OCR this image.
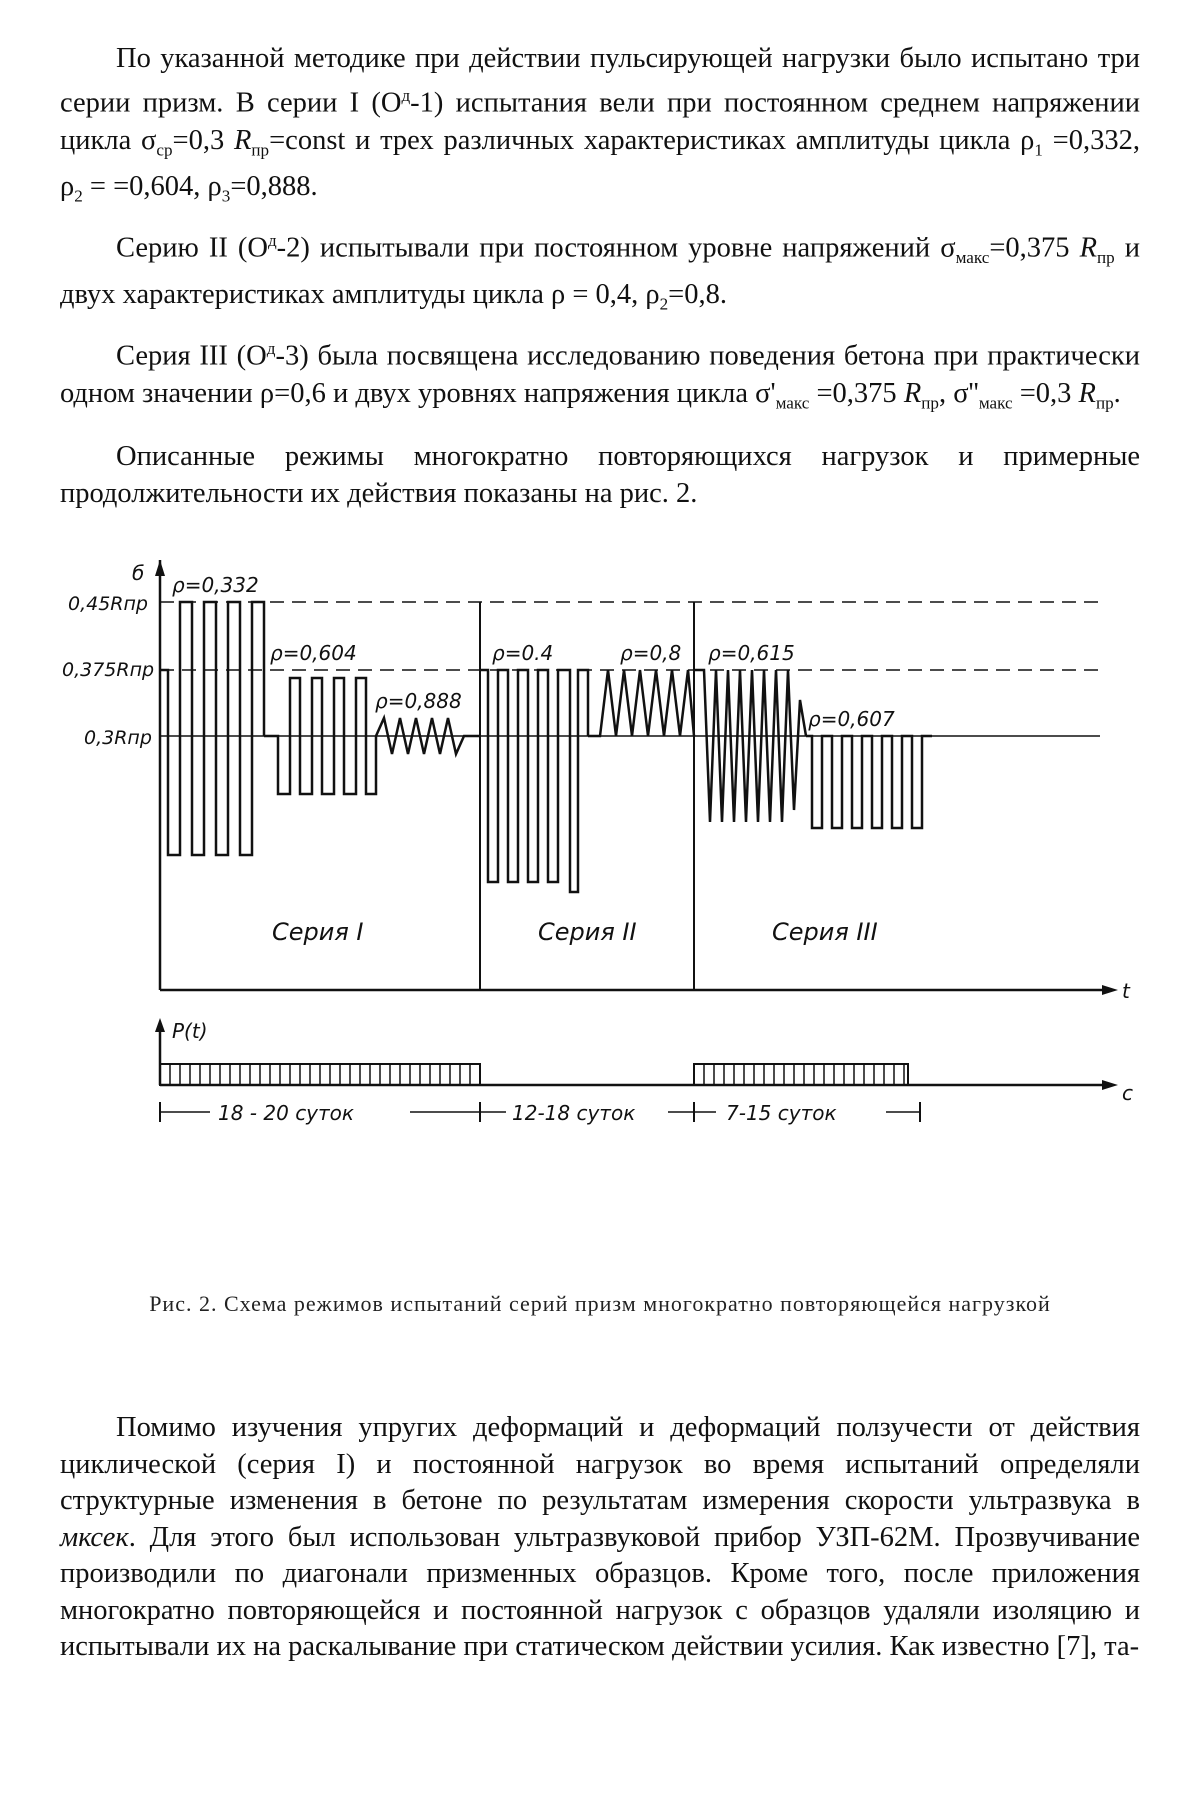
По указанной методике при действии пульсирующей нагрузки было испытано три серии призм. В серии I $(О^д-1)$ испытания вели при постоянном среднем напряжении цикла $\sigma_{ср}=0,3$ $R_{пр}=const$ и трех различных характеристиках амплитуды цикла $\rho_1 =0,332$, $\rho_2 = =0,604$, $\rho_3=0,888$.

Серию II $(О^д-2)$ испытывали при постоянном уровне напряжений $\sigma_{макс}=0,375$ $R_{пр}$ и двух характеристиках амплитуды цикла ρ = 0,4, $\rho_2=0,8$.

Серия III $(О^д-3)$ была посвящена исследованию поведения бетона при практически одном значении ρ=0,6 и двух уровнях напряжения цикла $\sigma'_{макс} =0,375$ $R_{пр}$, $\sigma''_{макс} =0,3$ $R_{пр}$.

Описанные режимы многократно повторяющихся нагрузок и примерные продолжительности их действия показаны на рис. 2.

б
t
0,45Rпр
0,375Rпр
0,3Rпр
ρ=0,332
ρ=0,604
ρ=0,888
ρ=0.4	ρ=0,8 ρ=0,615
ρ=0,607
Серия I	Серия II	Серия III
P(t)
с
18 - 20 суток	12-18 суток	7-15 суток

Рис. 2. Схема режимов испытаний серий призм многократно повторяющейся нагрузкой

Помимо изучения упругих деформаций и деформаций ползучести от действия циклической (серия I) и постоянной нагрузок во время испытаний определяли структурные изменения в бетоне по результатам измерения скорости ультразвука в мксек. Для этого был использован ультразвуковой прибор УЗП-62М. Прозвучивание производили по диагонали призменных образцов. Кроме того, после приложения многократно повторяющейся и постоянной нагрузок с образцов удаляли изоляцию и испытывали их на раскалывание при статическом действии усилия. Как известно [7], та-
